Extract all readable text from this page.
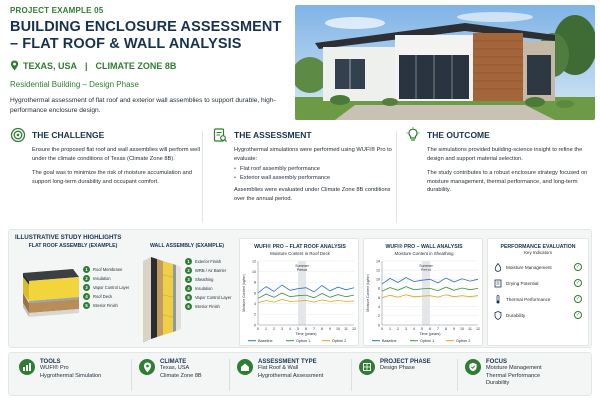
PROJECT EXAMPLE 05
BUILDING ENCLOSURE ASSESSMENT – FLAT ROOF & WALL ANALYSIS
TEXAS, USA | CLIMATE ZONE 8B
Residential Building – Design Phase
Hygrothermal assessment of flat roof and exterior wall assemblies to support durable, high-performance enclosure design.
THE CHALLENGE
Ensure the proposed flat roof and wall assemblies will perform well under the climate conditions of Texas (Climate Zone 8B).
The goal was to minimize the risk of moisture accumulation and support long-term durability and occupant comfort.
THE ASSESSMENT
Hygrothermal simulations were performed using WUFI® Pro to evaluate:
• Flat roof assembly performance
• Exterior wall assembly performance
Assemblies were evaluated under Climate Zone 8B conditions over the annual period.
THE OUTCOME
The simulations provided building-science insight to refine the design and support material selection.
The study contributes to a robust enclosure strategy focused on moisture management, thermal performance, and long-term durability.
ILLUSTRATIVE STUDY HIGHLIGHTS
FLAT ROOF ASSEMBLY (EXAMPLE)
1	Roof Membrane
2	Insulation
3	Vapor Control Layer
4	Roof Deck
5	Interior Finish
WALL ASSEMBLY (EXAMPLE)
1	Exterior Finish
2	WRB / Air Barrier
3	Sheathing
4	Insulation
5	Vapor Control Layer
6	Interior Finish
WUFI® PRO – FLAT ROOF ANALYSIS
Moisture Content in Roof Deck
Summer
Period
0
2
4
6
8
10
12
0 1 2 3 4 5 6 7 8 9 10 11 12
Time (years)
Moisture Content (kg/m³)
Baseline	Option 1	Option 2
WUFI® PRO – WALL ANALYSIS
Moisture Content in Sheathing
Summer
Period
0
2
4
6
8
10
12
14
0 1 2 3 4 5 6 7 8 9 10 11 12
Time (years)
Moisture Content (kg/m³)
Baseline	Option 1	Option 2
PERFORMANCE EVALUATION
Key Indicators
Moisture Management	✓
Drying Potential	✓
Thermal Performance	✓
Durability	✓
TOOLS
WUFI® Pro
Hygrothermal Simulation
CLIMATE
Texas, USA
Climate Zone 8B
ASSESSMENT TYPE
Flat Roof & Wall
Hygrothermal Assessment
PROJECT PHASE
Design Phase
FOCUS
Moisture Management
Thermal Performance
Durability
